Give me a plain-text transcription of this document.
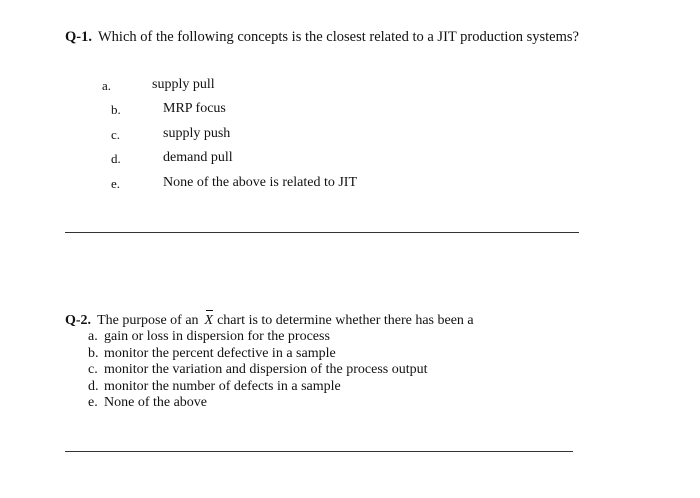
Q-1. Which of the following concepts is the closest related to a JIT production systems?
a.	supply pull
b.	MRP focus
c.	supply push
d.	demand pull
e.	None of the above is related to JIT
Q-2. The purpose of an X chart is to determine whether there has been a
a. gain or loss in dispersion for the process
b. monitor the percent defective in a sample
c. monitor the variation and dispersion of the process output
d. monitor the number of defects in a sample
e. None of the above
